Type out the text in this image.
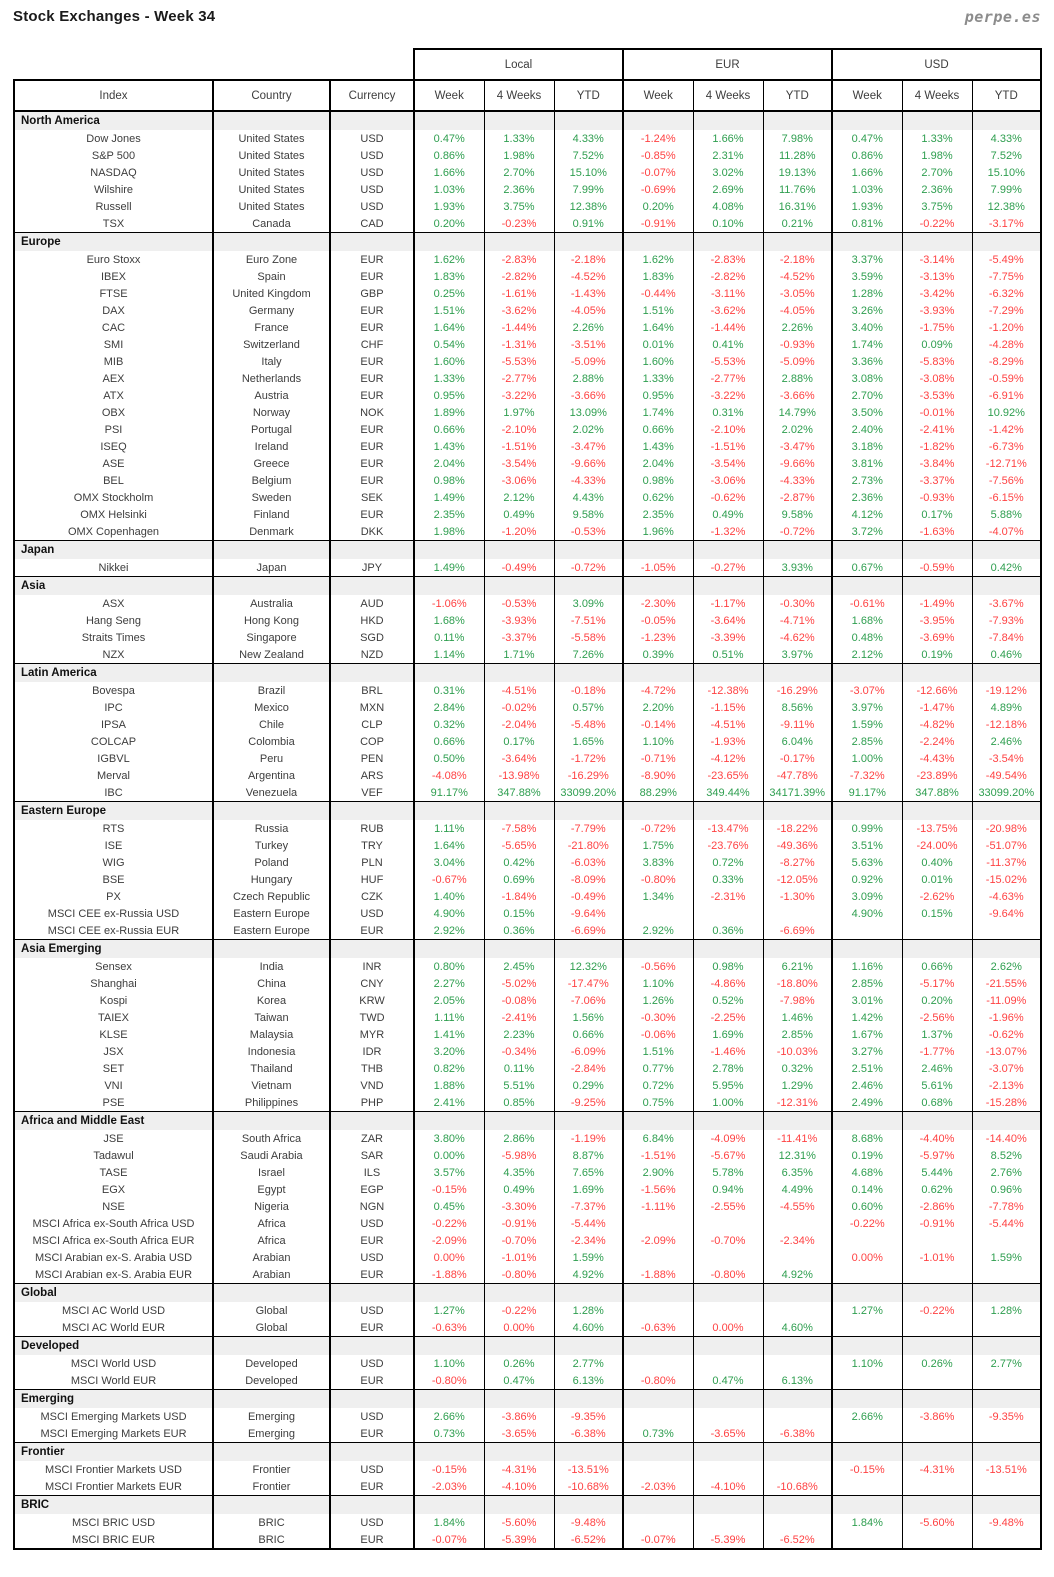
Stock Exchanges - Week 34	perpe.es
			Local			EUR			USD		
Index	Country	Currency	Week	4 Weeks	YTD	Week	4 Weeks	YTD	Week	4 Weeks	YTD
North America											
Dow Jones	United States	USD	0.47%	1.33%	4.33%	-1.24%	1.66%	7.98%	0.47%	1.33%	4.33%
S&P 500	United States	USD	0.86%	1.98%	7.52%	-0.85%	2.31%	11.28%	0.86%	1.98%	7.52%
NASDAQ	United States	USD	1.66%	2.70%	15.10%	-0.07%	3.02%	19.13%	1.66%	2.70%	15.10%
Wilshire	United States	USD	1.03%	2.36%	7.99%	-0.69%	2.69%	11.76%	1.03%	2.36%	7.99%
Russell	United States	USD	1.93%	3.75%	12.38%	0.20%	4.08%	16.31%	1.93%	3.75%	12.38%
TSX	Canada	CAD	0.20%	-0.23%	0.91%	-0.91%	0.10%	0.21%	0.81%	-0.22%	-3.17%
Europe											
Euro Stoxx	Euro Zone	EUR	1.62%	-2.83%	-2.18%	1.62%	-2.83%	-2.18%	3.37%	-3.14%	-5.49%
IBEX	Spain	EUR	1.83%	-2.82%	-4.52%	1.83%	-2.82%	-4.52%	3.59%	-3.13%	-7.75%
FTSE	United Kingdom	GBP	0.25%	-1.61%	-1.43%	-0.44%	-3.11%	-3.05%	1.28%	-3.42%	-6.32%
DAX	Germany	EUR	1.51%	-3.62%	-4.05%	1.51%	-3.62%	-4.05%	3.26%	-3.93%	-7.29%
CAC	France	EUR	1.64%	-1.44%	2.26%	1.64%	-1.44%	2.26%	3.40%	-1.75%	-1.20%
SMI	Switzerland	CHF	0.54%	-1.31%	-3.51%	0.01%	0.41%	-0.93%	1.74%	0.09%	-4.28%
MIB	Italy	EUR	1.60%	-5.53%	-5.09%	1.60%	-5.53%	-5.09%	3.36%	-5.83%	-8.29%
AEX	Netherlands	EUR	1.33%	-2.77%	2.88%	1.33%	-2.77%	2.88%	3.08%	-3.08%	-0.59%
ATX	Austria	EUR	0.95%	-3.22%	-3.66%	0.95%	-3.22%	-3.66%	2.70%	-3.53%	-6.91%
OBX	Norway	NOK	1.89%	1.97%	13.09%	1.74%	0.31%	14.79%	3.50%	-0.01%	10.92%
PSI	Portugal	EUR	0.66%	-2.10%	2.02%	0.66%	-2.10%	2.02%	2.40%	-2.41%	-1.42%
ISEQ	Ireland	EUR	1.43%	-1.51%	-3.47%	1.43%	-1.51%	-3.47%	3.18%	-1.82%	-6.73%
ASE	Greece	EUR	2.04%	-3.54%	-9.66%	2.04%	-3.54%	-9.66%	3.81%	-3.84%	-12.71%
BEL	Belgium	EUR	0.98%	-3.06%	-4.33%	0.98%	-3.06%	-4.33%	2.73%	-3.37%	-7.56%
OMX Stockholm	Sweden	SEK	1.49%	2.12%	4.43%	0.62%	-0.62%	-2.87%	2.36%	-0.93%	-6.15%
OMX Helsinki	Finland	EUR	2.35%	0.49%	9.58%	2.35%	0.49%	9.58%	4.12%	0.17%	5.88%
OMX Copenhagen	Denmark	DKK	1.98%	-1.20%	-0.53%	1.96%	-1.32%	-0.72%	3.72%	-1.63%	-4.07%
Japan											
Nikkei	Japan	JPY	1.49%	-0.49%	-0.72%	-1.05%	-0.27%	3.93%	0.67%	-0.59%	0.42%
Asia											
ASX	Australia	AUD	-1.06%	-0.53%	3.09%	-2.30%	-1.17%	-0.30%	-0.61%	-1.49%	-3.67%
Hang Seng	Hong Kong	HKD	1.68%	-3.93%	-7.51%	-0.05%	-3.64%	-4.71%	1.68%	-3.95%	-7.93%
Straits Times	Singapore	SGD	0.11%	-3.37%	-5.58%	-1.23%	-3.39%	-4.62%	0.48%	-3.69%	-7.84%
NZX	New Zealand	NZD	1.14%	1.71%	7.26%	0.39%	0.51%	3.97%	2.12%	0.19%	0.46%
Latin America											
Bovespa	Brazil	BRL	0.31%	-4.51%	-0.18%	-4.72%	-12.38%	-16.29%	-3.07%	-12.66%	-19.12%
IPC	Mexico	MXN	2.84%	-0.02%	0.57%	2.20%	-1.15%	8.56%	3.97%	-1.47%	4.89%
IPSA	Chile	CLP	0.32%	-2.04%	-5.48%	-0.14%	-4.51%	-9.11%	1.59%	-4.82%	-12.18%
COLCAP	Colombia	COP	0.66%	0.17%	1.65%	1.10%	-1.93%	6.04%	2.85%	-2.24%	2.46%
IGBVL	Peru	PEN	0.50%	-3.64%	-1.72%	-0.71%	-4.12%	-0.17%	1.00%	-4.43%	-3.54%
Merval	Argentina	ARS	-4.08%	-13.98%	-16.29%	-8.90%	-23.65%	-47.78%	-7.32%	-23.89%	-49.54%
IBC	Venezuela	VEF	91.17%	347.88%	33099.20%	88.29%	349.44%	34171.39%	91.17%	347.88%	33099.20%
Eastern Europe											
RTS	Russia	RUB	1.11%	-7.58%	-7.79%	-0.72%	-13.47%	-18.22%	0.99%	-13.75%	-20.98%
ISE	Turkey	TRY	1.64%	-5.65%	-21.80%	1.75%	-23.76%	-49.36%	3.51%	-24.00%	-51.07%
WIG	Poland	PLN	3.04%	0.42%	-6.03%	3.83%	0.72%	-8.27%	5.63%	0.40%	-11.37%
BSE	Hungary	HUF	-0.67%	0.69%	-8.09%	-0.80%	0.33%	-12.05%	0.92%	0.01%	-15.02%
PX	Czech Republic	CZK	1.40%	-1.84%	-0.49%	1.34%	-2.31%	-1.30%	3.09%	-2.62%	-4.63%
MSCI CEE ex-Russia USD	Eastern Europe	USD	4.90%	0.15%	-9.64%				4.90%	0.15%	-9.64%
MSCI CEE ex-Russia EUR	Eastern Europe	EUR	2.92%	0.36%	-6.69%	2.92%	0.36%	-6.69%			
Asia Emerging											
Sensex	India	INR	0.80%	2.45%	12.32%	-0.56%	0.98%	6.21%	1.16%	0.66%	2.62%
Shanghai	China	CNY	2.27%	-5.02%	-17.47%	1.10%	-4.86%	-18.80%	2.85%	-5.17%	-21.55%
Kospi	Korea	KRW	2.05%	-0.08%	-7.06%	1.26%	0.52%	-7.98%	3.01%	0.20%	-11.09%
TAIEX	Taiwan	TWD	1.11%	-2.41%	1.56%	-0.30%	-2.25%	1.46%	1.42%	-2.56%	-1.96%
KLSE	Malaysia	MYR	1.41%	2.23%	0.66%	-0.06%	1.69%	2.85%	1.67%	1.37%	-0.62%
JSX	Indonesia	IDR	3.20%	-0.34%	-6.09%	1.51%	-1.46%	-10.03%	3.27%	-1.77%	-13.07%
SET	Thailand	THB	0.82%	0.11%	-2.84%	0.77%	2.78%	0.32%	2.51%	2.46%	-3.07%
VNI	Vietnam	VND	1.88%	5.51%	0.29%	0.72%	5.95%	1.29%	2.46%	5.61%	-2.13%
PSE	Philippines	PHP	2.41%	0.85%	-9.25%	0.75%	1.00%	-12.31%	2.49%	0.68%	-15.28%
Africa and Middle East											
JSE	South Africa	ZAR	3.80%	2.86%	-1.19%	6.84%	-4.09%	-11.41%	8.68%	-4.40%	-14.40%
Tadawul	Saudi Arabia	SAR	0.00%	-5.98%	8.87%	-1.51%	-5.67%	12.31%	0.19%	-5.97%	8.52%
TASE	Israel	ILS	3.57%	4.35%	7.65%	2.90%	5.78%	6.35%	4.68%	5.44%	2.76%
EGX	Egypt	EGP	-0.15%	0.49%	1.69%	-1.56%	0.94%	4.49%	0.14%	0.62%	0.96%
NSE	Nigeria	NGN	0.45%	-3.30%	-7.37%	-1.11%	-2.55%	-4.55%	0.60%	-2.86%	-7.78%
MSCI Africa ex-South Africa USD	Africa	USD	-0.22%	-0.91%	-5.44%				-0.22%	-0.91%	-5.44%
MSCI Africa ex-South Africa EUR	Africa	EUR	-2.09%	-0.70%	-2.34%	-2.09%	-0.70%	-2.34%			
MSCI Arabian ex-S. Arabia USD	Arabian	USD	0.00%	-1.01%	1.59%				0.00%	-1.01%	1.59%
MSCI Arabian ex-S. Arabia EUR	Arabian	EUR	-1.88%	-0.80%	4.92%	-1.88%	-0.80%	4.92%			
Global											
MSCI AC World USD	Global	USD	1.27%	-0.22%	1.28%				1.27%	-0.22%	1.28%
MSCI AC World EUR	Global	EUR	-0.63%	0.00%	4.60%	-0.63%	0.00%	4.60%			
Developed											
MSCI World USD	Developed	USD	1.10%	0.26%	2.77%				1.10%	0.26%	2.77%
MSCI World EUR	Developed	EUR	-0.80%	0.47%	6.13%	-0.80%	0.47%	6.13%			
Emerging											
MSCI Emerging Markets USD	Emerging	USD	2.66%	-3.86%	-9.35%				2.66%	-3.86%	-9.35%
MSCI Emerging Markets EUR	Emerging	EUR	0.73%	-3.65%	-6.38%	0.73%	-3.65%	-6.38%			
Frontier											
MSCI Frontier Markets USD	Frontier	USD	-0.15%	-4.31%	-13.51%				-0.15%	-4.31%	-13.51%
MSCI Frontier Markets EUR	Frontier	EUR	-2.03%	-4.10%	-10.68%	-2.03%	-4.10%	-10.68%			
BRIC											
MSCI BRIC USD	BRIC	USD	1.84%	-5.60%	-9.48%				1.84%	-5.60%	-9.48%
MSCI BRIC EUR	BRIC	EUR	-0.07%	-5.39%	-6.52%	-0.07%	-5.39%	-6.52%			
